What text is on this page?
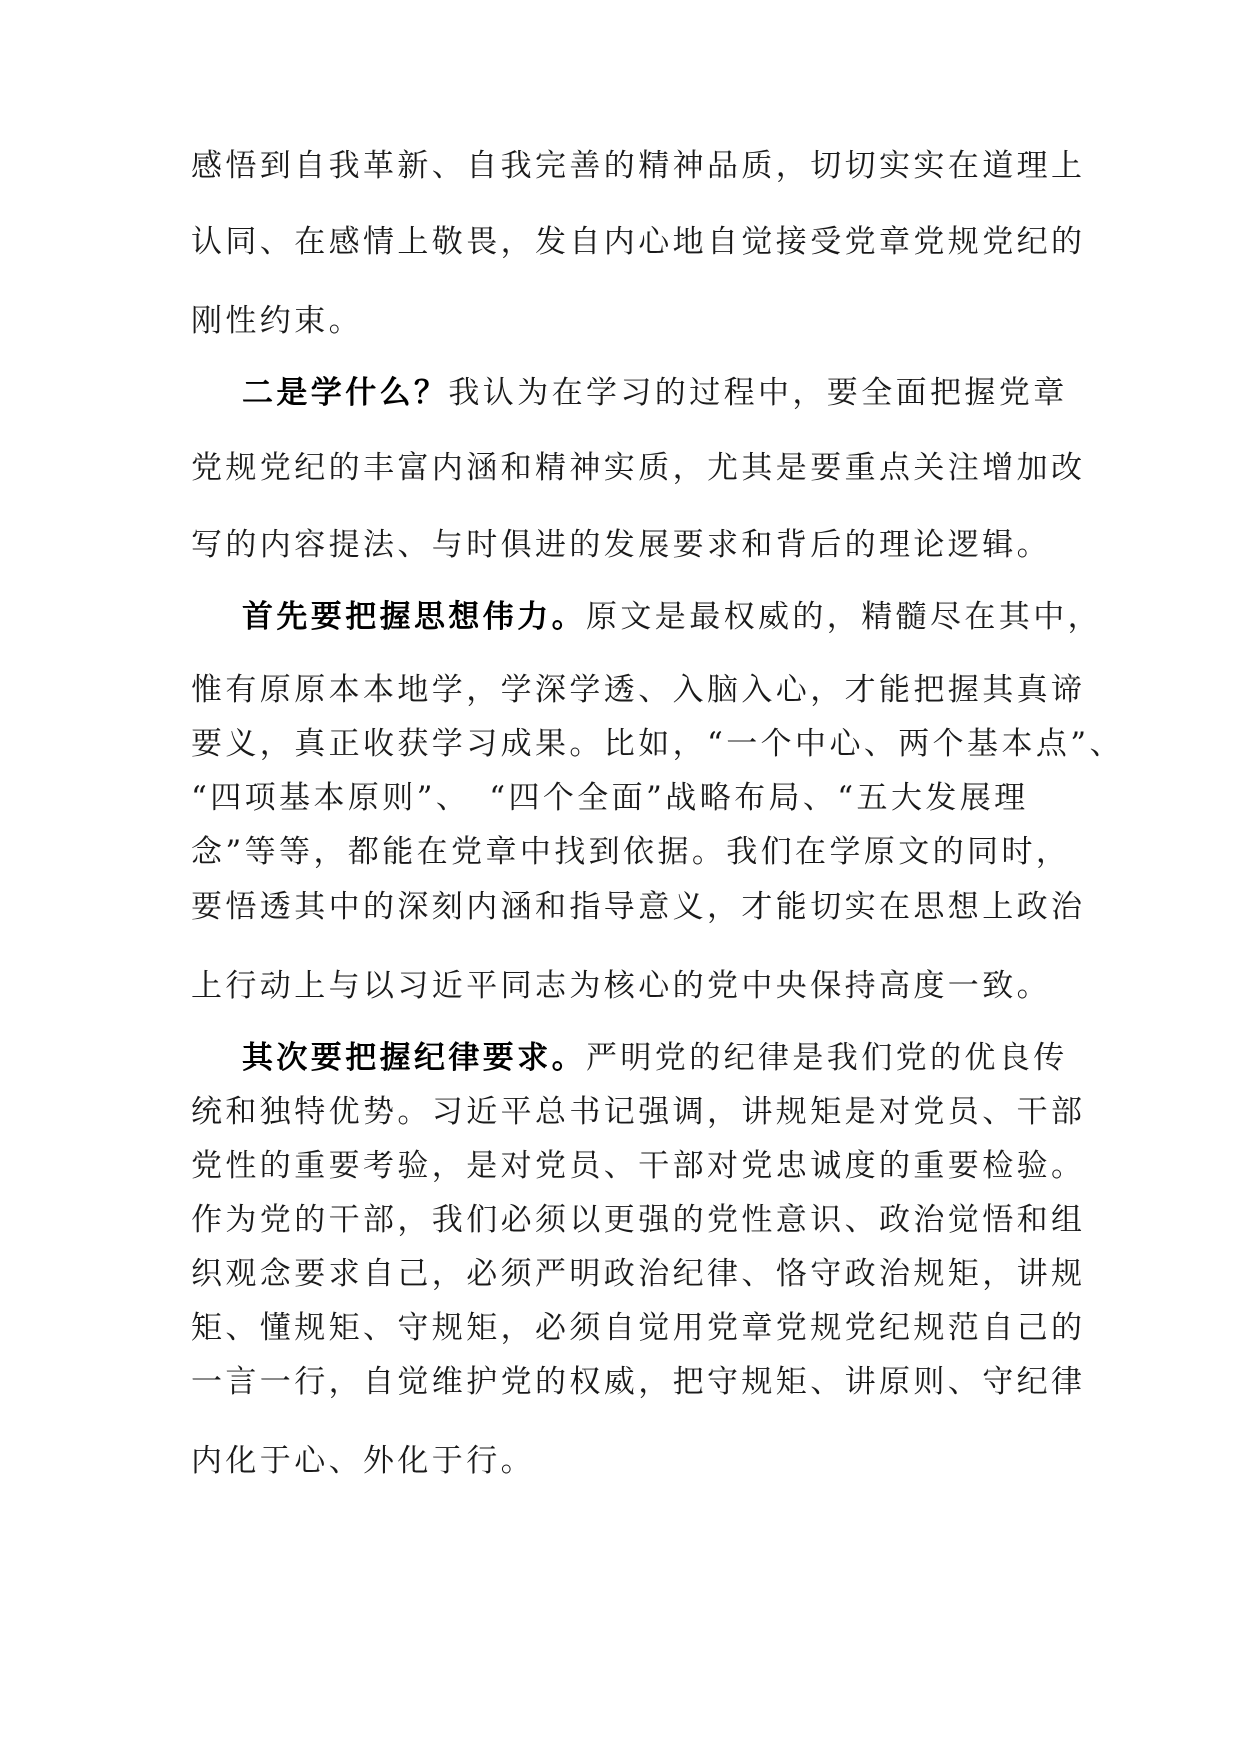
感悟到自我革新、自我完善的精神品质，切切实实在道理上
认同、在感情上敬畏，发自内心地自觉接受党章党规党纪的
刚性约束。
二是学什么？我认为在学习的过程中，要全面把握党章
党规党纪的丰富内涵和精神实质，尤其是要重点关注增加改
写的内容提法、与时俱进的发展要求和背后的理论逻辑。
首先要把握思想伟力。原文是最权威的，精髓尽在其中，
惟有原原本本地学，学深学透、入脑入心，才能把握其真谛
要义，真正收获学习成果。比如，“一个中心、两个基本点”、
“四项基本原则”、　“四个全面”战略布局、“五大发展理
念”等等，都能在党章中找到依据。我们在学原文的同时，
要悟透其中的深刻内涵和指导意义，才能切实在思想上政治
上行动上与以习近平同志为核心的党中央保持高度一致。
其次要把握纪律要求。严明党的纪律是我们党的优良传
统和独特优势。习近平总书记强调，讲规矩是对党员、干部
党性的重要考验，是对党员、干部对党忠诚度的重要检验。
作为党的干部，我们必须以更强的党性意识、政治觉悟和组
织观念要求自己，必须严明政治纪律、恪守政治规矩，讲规
矩、懂规矩、守规矩，必须自觉用党章党规党纪规范自己的
一言一行，自觉维护党的权威，把守规矩、讲原则、守纪律
内化于心、外化于行。
